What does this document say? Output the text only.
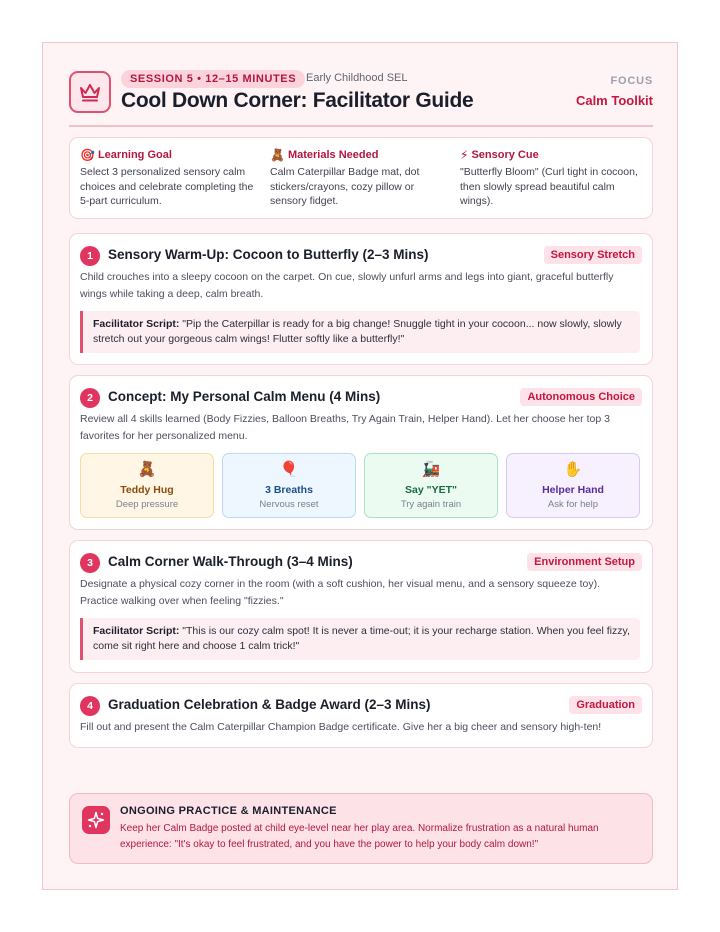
SESSION 5 • 12–15 MINUTES Early Childhood SEL
Cool Down Corner: Facilitator Guide
FOCUS
Calm Toolkit
🎯 Learning Goal
Select 3 personalized sensory calm choices and celebrate completing the 5-part curriculum.
🧸 Materials Needed
Calm Caterpillar Badge mat, dot stickers/crayons, cozy pillow or sensory fidget.
⚡ Sensory Cue
"Butterfly Bloom" (Curl tight in cocoon, then slowly spread beautiful calm wings).
1	Sensory Warm-Up: Cocoon to Butterfly (2–3 Mins)	Sensory Stretch
Child crouches into a sleepy cocoon on the carpet. On cue, slowly unfurl arms and legs into giant, graceful butterfly wings while taking a deep, calm breath.
Facilitator Script: "Pip the Caterpillar is ready for a big change! Snuggle tight in your cocoon... now slowly, slowly stretch out your gorgeous calm wings! Flutter softly like a butterfly!"
2	Concept: My Personal Calm Menu (4 Mins)	Autonomous Choice
Review all 4 skills learned (Body Fizzies, Balloon Breaths, Try Again Train, Helper Hand). Let her choose her top 3 favorites for her personalized menu.
🧸
Teddy Hug
Deep pressure
🎈
3 Breaths
Nervous reset
🚂
Say "YET"
Try again train
✋
Helper Hand
Ask for help
3	Calm Corner Walk-Through (3–4 Mins)	Environment Setup
Designate a physical cozy corner in the room (with a soft cushion, her visual menu, and a sensory squeeze toy). Practice walking over when feeling "fizzies."
Facilitator Script: "This is our cozy calm spot! It is never a time-out; it is your recharge station. When you feel fizzy, come sit right here and choose 1 calm trick!"
4	Graduation Celebration & Badge Award (2–3 Mins)	Graduation
Fill out and present the Calm Caterpillar Champion Badge certificate. Give her a big cheer and sensory high-ten!
ONGOING PRACTICE & MAINTENANCE
Keep her Calm Badge posted at child eye-level near her play area. Normalize frustration as a natural human experience: "It's okay to feel frustrated, and you have the power to help your body calm down!"
